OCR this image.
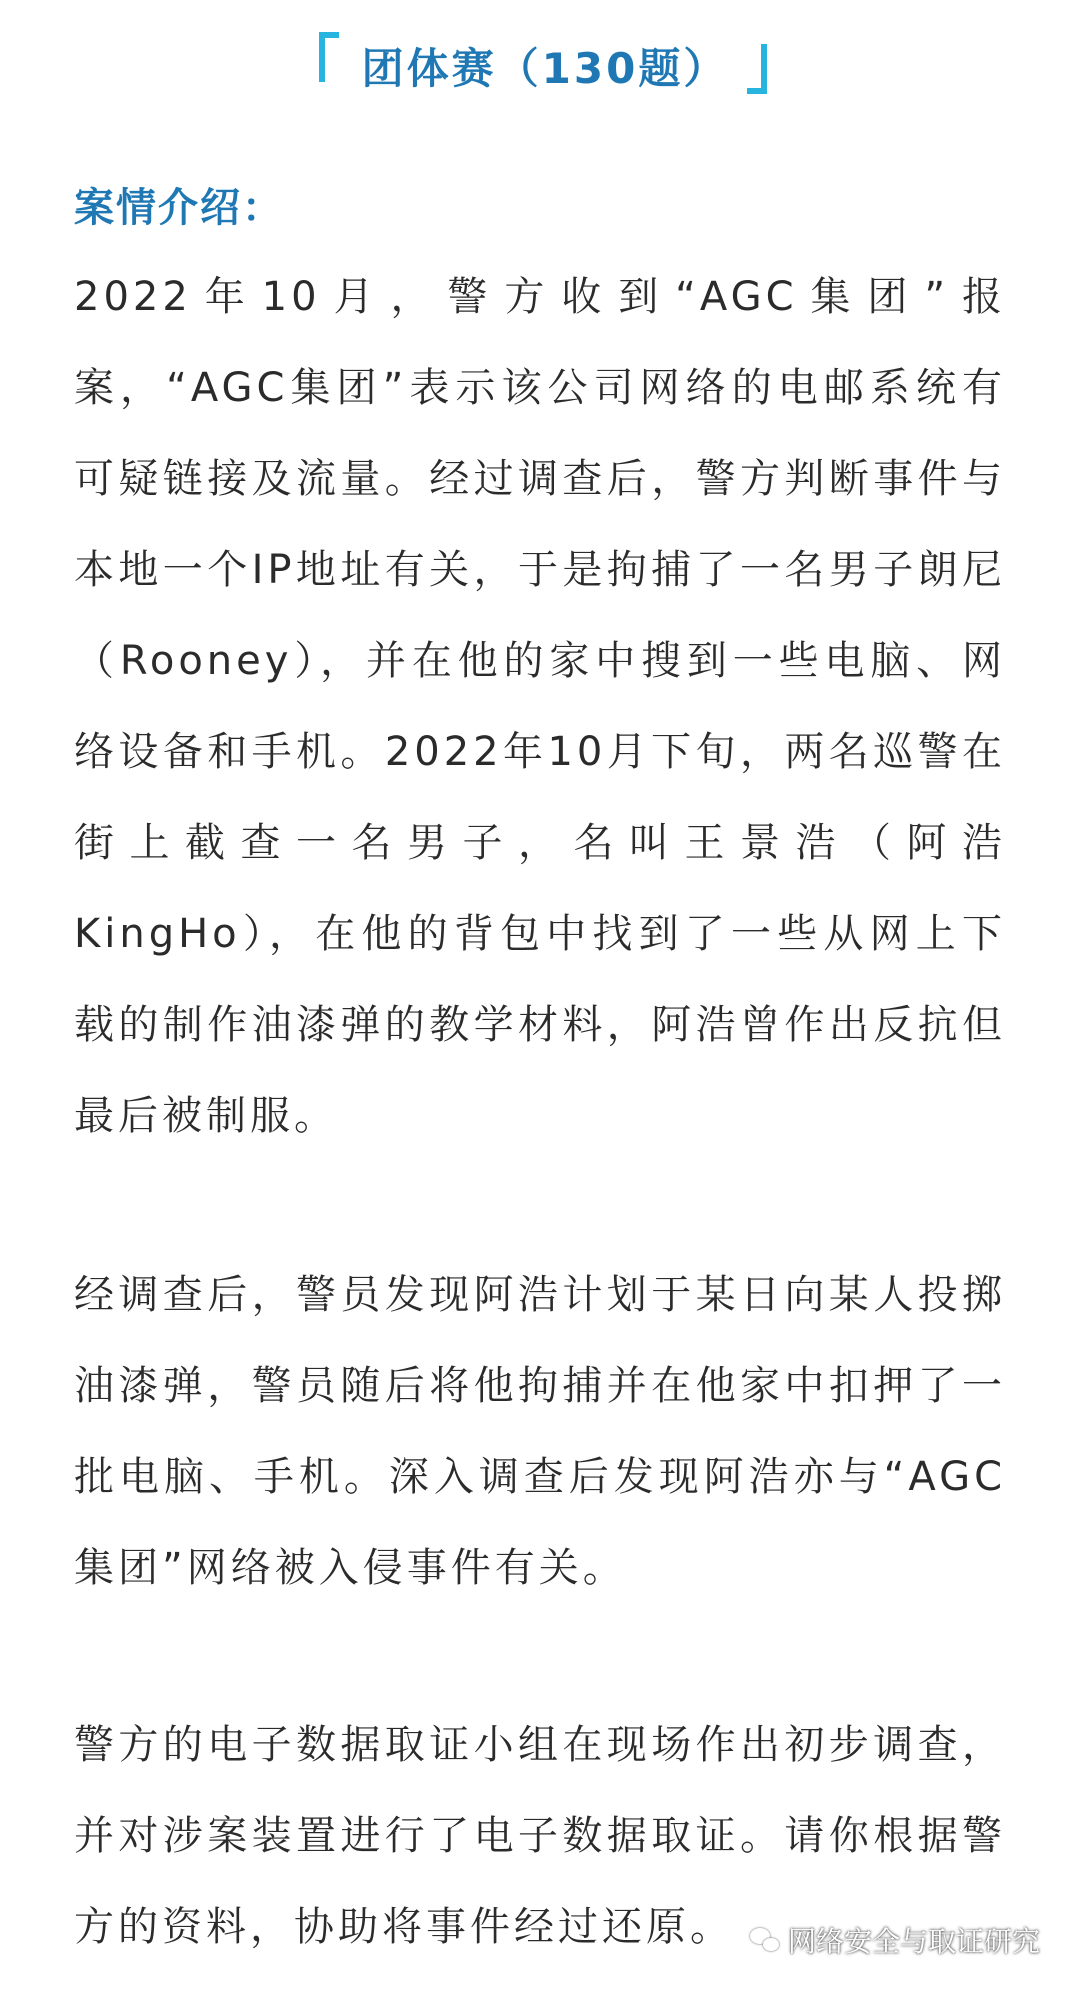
团体赛（130题）
案情介绍：

2022年10月，警方收到“AGC集团”报案，“AGC集团”表示该公司网络的电邮系统有可疑链接及流量。经过调查后，警方判断事件与本地一个IP地址有关，于是拘捕了一名男子朗尼（Rooney），并在他的家中搜到一些电脑、网络设备和手机。2022年10月下旬，两名巡警在街上截查一名男子，名叫王景浩（阿浩KingHo），在他的背包中找到了一些从网上下载的制作油漆弹的教学材料，阿浩曾作出反抗但最后被制服。

经调查后，警员发现阿浩计划于某日向某人投掷油漆弹，警员随后将他拘捕并在他家中扣押了一批电脑、手机。深入调查后发现阿浩亦与“AGC集团”网络被入侵事件有关。

警方的电子数据取证小组在现场作出初步调查，并对涉案装置进行了电子数据取证。请你根据警方的资料，协助将事件经过还原。	网络安全与取证研究
